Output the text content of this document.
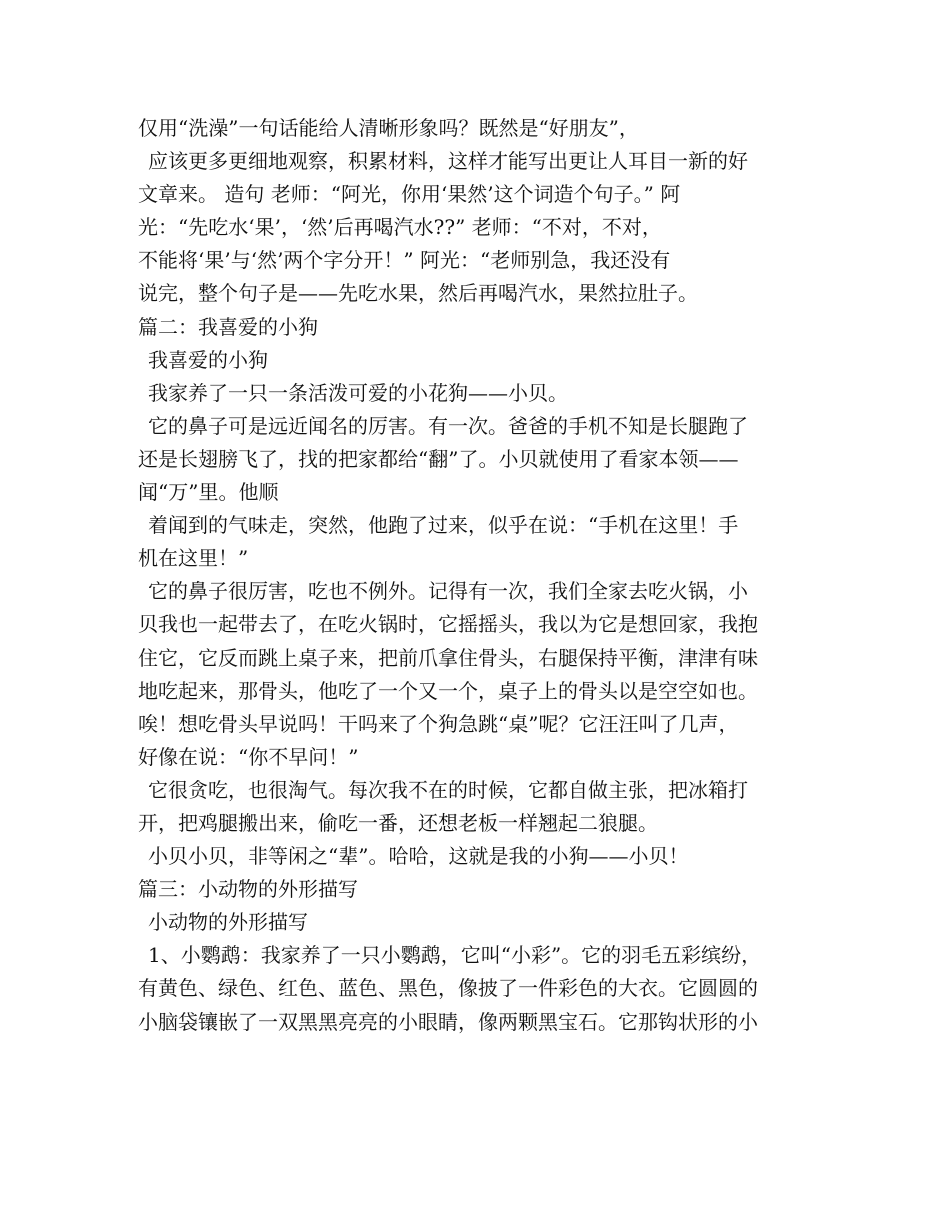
仅用“洗澡”一句话能给人清晰形象吗？既然是“好朋友”，
应该更多更细地观察，积累材料，这样才能写出更让人耳目一新的好
文章来。 造句 老师：“阿光，你用‘果然’这个词造个句子。” 阿
光：“先吃水‘果’，‘然’后再喝汽水??” 老师：“不对，不对，
不能将‘果’与‘然’两个字分开！” 阿光：“老师别急，我还没有
说完，整个句子是——先吃水果，然后再喝汽水，果然拉肚子。
篇二：我喜爱的小狗
我喜爱的小狗
我家养了一只一条活泼可爱的小花狗——小贝。
它的鼻子可是远近闻名的厉害。有一次。爸爸的手机不知是长腿跑了
还是长翅膀飞了，找的把家都给“翻”了。小贝就使用了看家本领——
闻“万”里。他顺
着闻到的气味走，突然，他跑了过来，似乎在说：“手机在这里！手
机在这里！”
它的鼻子很厉害，吃也不例外。记得有一次，我们全家去吃火锅，小
贝我也一起带去了，在吃火锅时，它摇摇头，我以为它是想回家，我抱
住它，它反而跳上桌子来，把前爪拿住骨头，右腿保持平衡，津津有味
地吃起来，那骨头，他吃了一个又一个，桌子上的骨头以是空空如也。
唉！想吃骨头早说吗！干吗来了个狗急跳“桌”呢？它汪汪叫了几声，
好像在说：“你不早问！”
它很贪吃，也很淘气。每次我不在的时候，它都自做主张，把冰箱打
开，把鸡腿搬出来，偷吃一番，还想老板一样翘起二狼腿。
小贝小贝，非等闲之“辈”。哈哈，这就是我的小狗——小贝！
篇三：小动物的外形描写
小动物的外形描写
1、小鹦鹉：我家养了一只小鹦鹉，它叫“小彩”。它的羽毛五彩缤纷，
有黄色、绿色、红色、蓝色、黑色，像披了一件彩色的大衣。它圆圆的
小脑袋镶嵌了一双黑黑亮亮的小眼睛，像两颗黑宝石。它那钩状形的小
